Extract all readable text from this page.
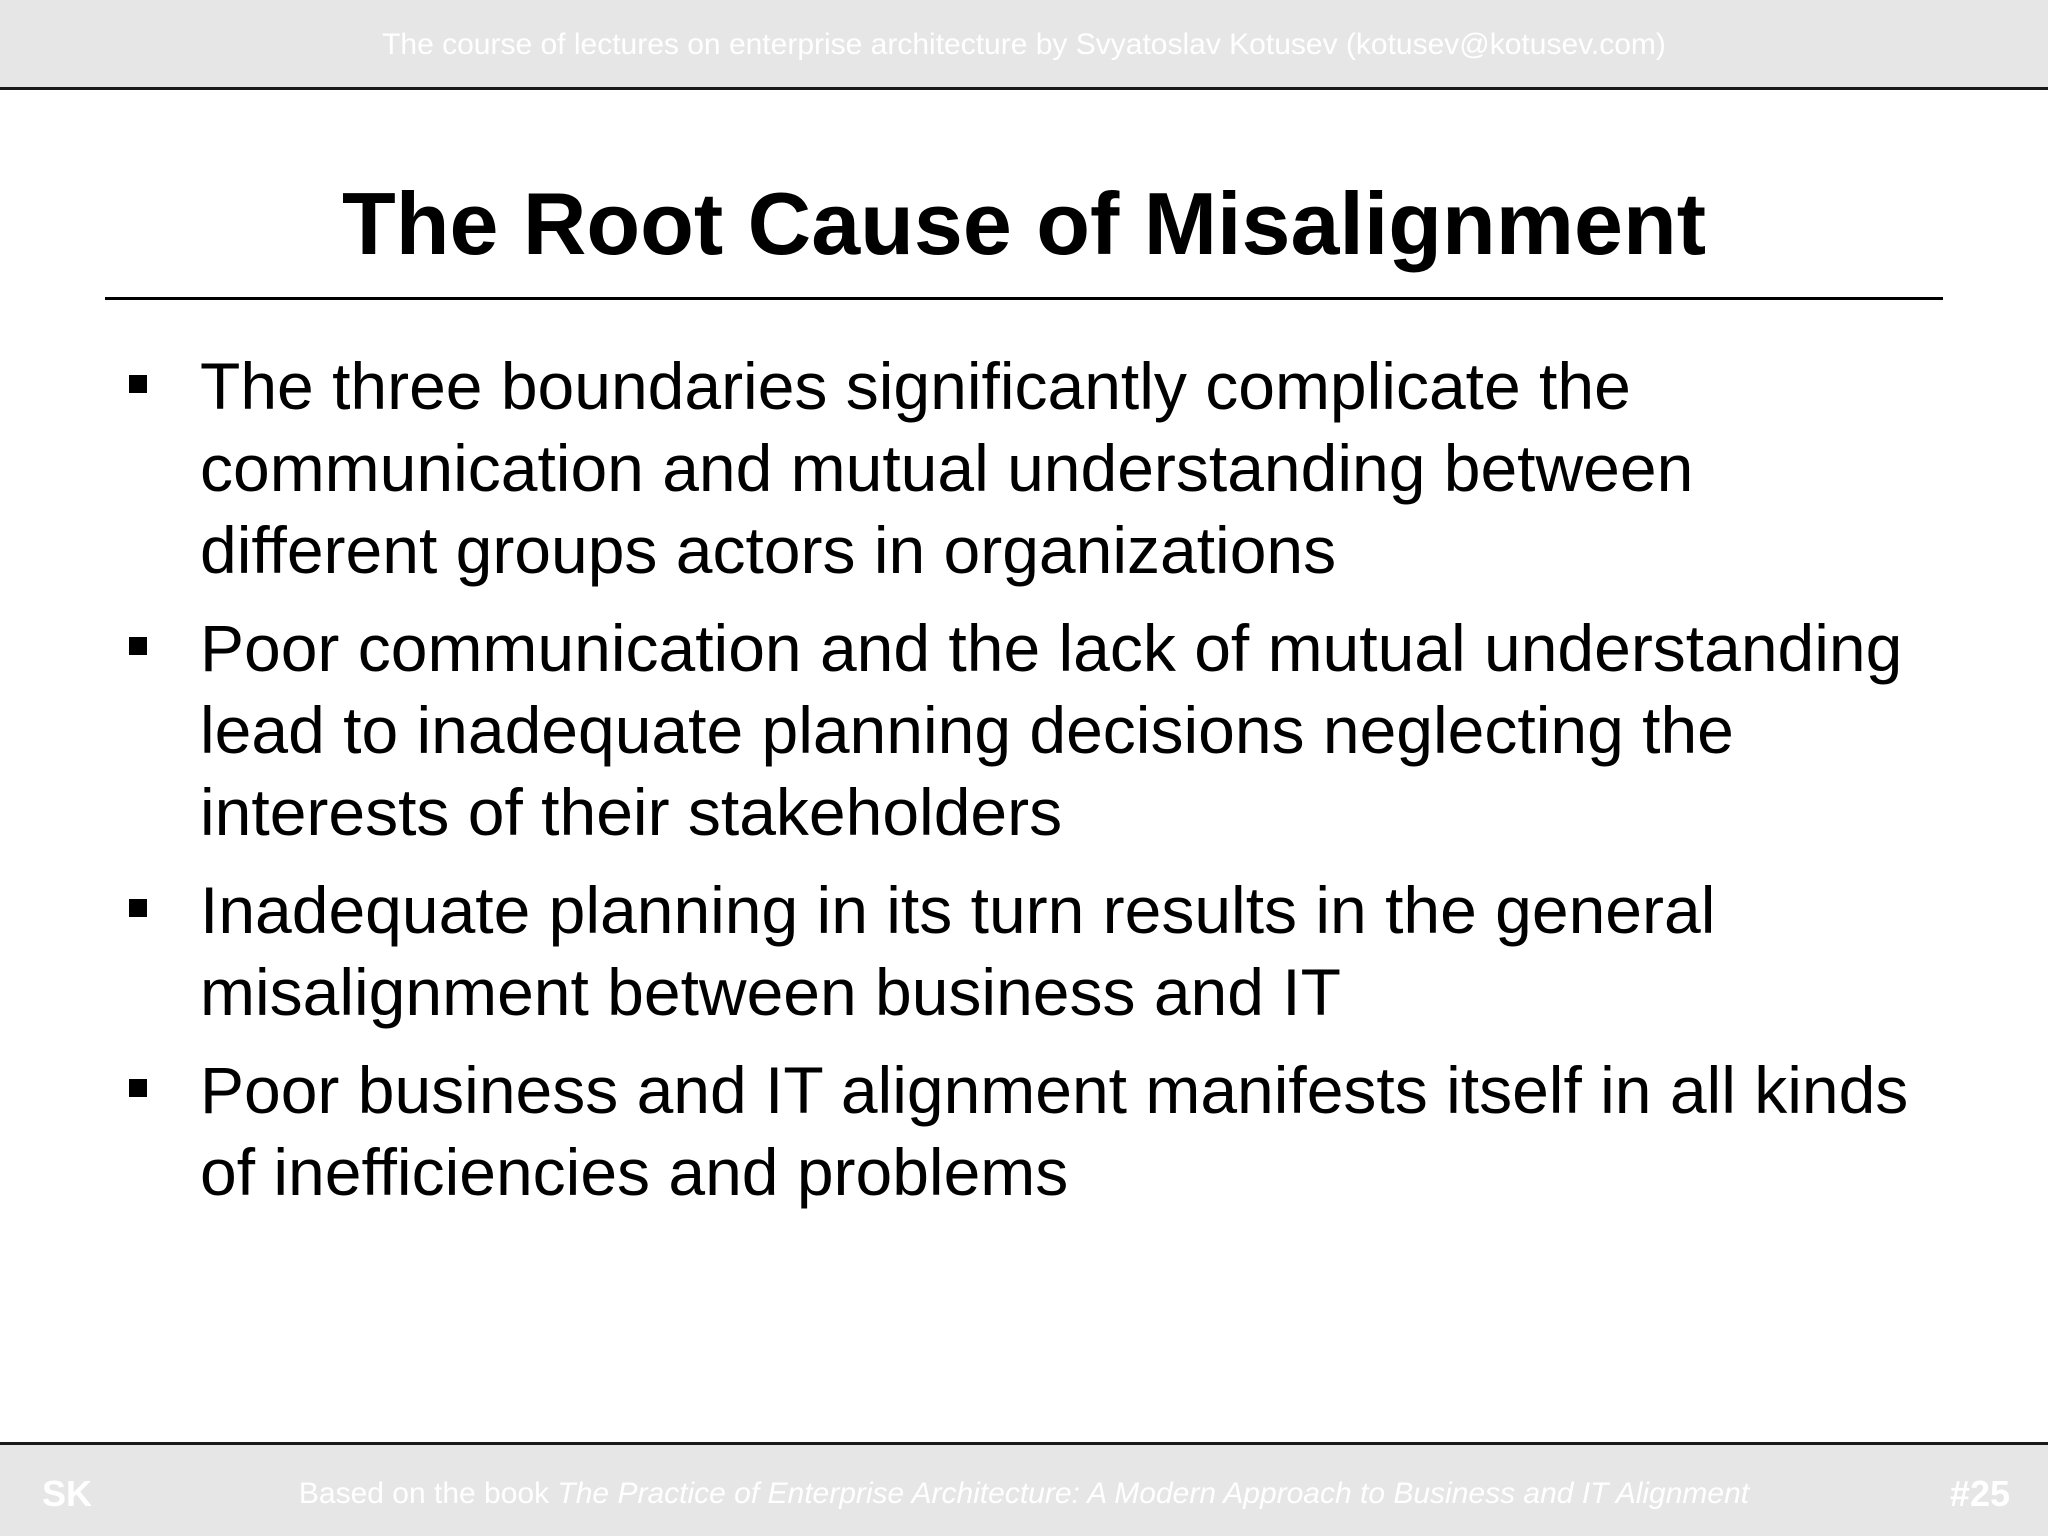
The course of lectures on enterprise architecture by Svyatoslav Kotusev (kotusev@kotusev.com)
The Root Cause of Misalignment
The three boundaries significantly complicate the communication and mutual understanding between different groups actors in organizations
Poor communication and the lack of mutual understanding lead to inadequate planning decisions neglecting the interests of their stakeholders
Inadequate planning in its turn results in the general misalignment between business and IT
Poor business and IT alignment manifests itself in all kinds of inefficiencies and problems
SK	Based on the book The Practice of Enterprise Architecture: A Modern Approach to Business and IT Alignment	#25
